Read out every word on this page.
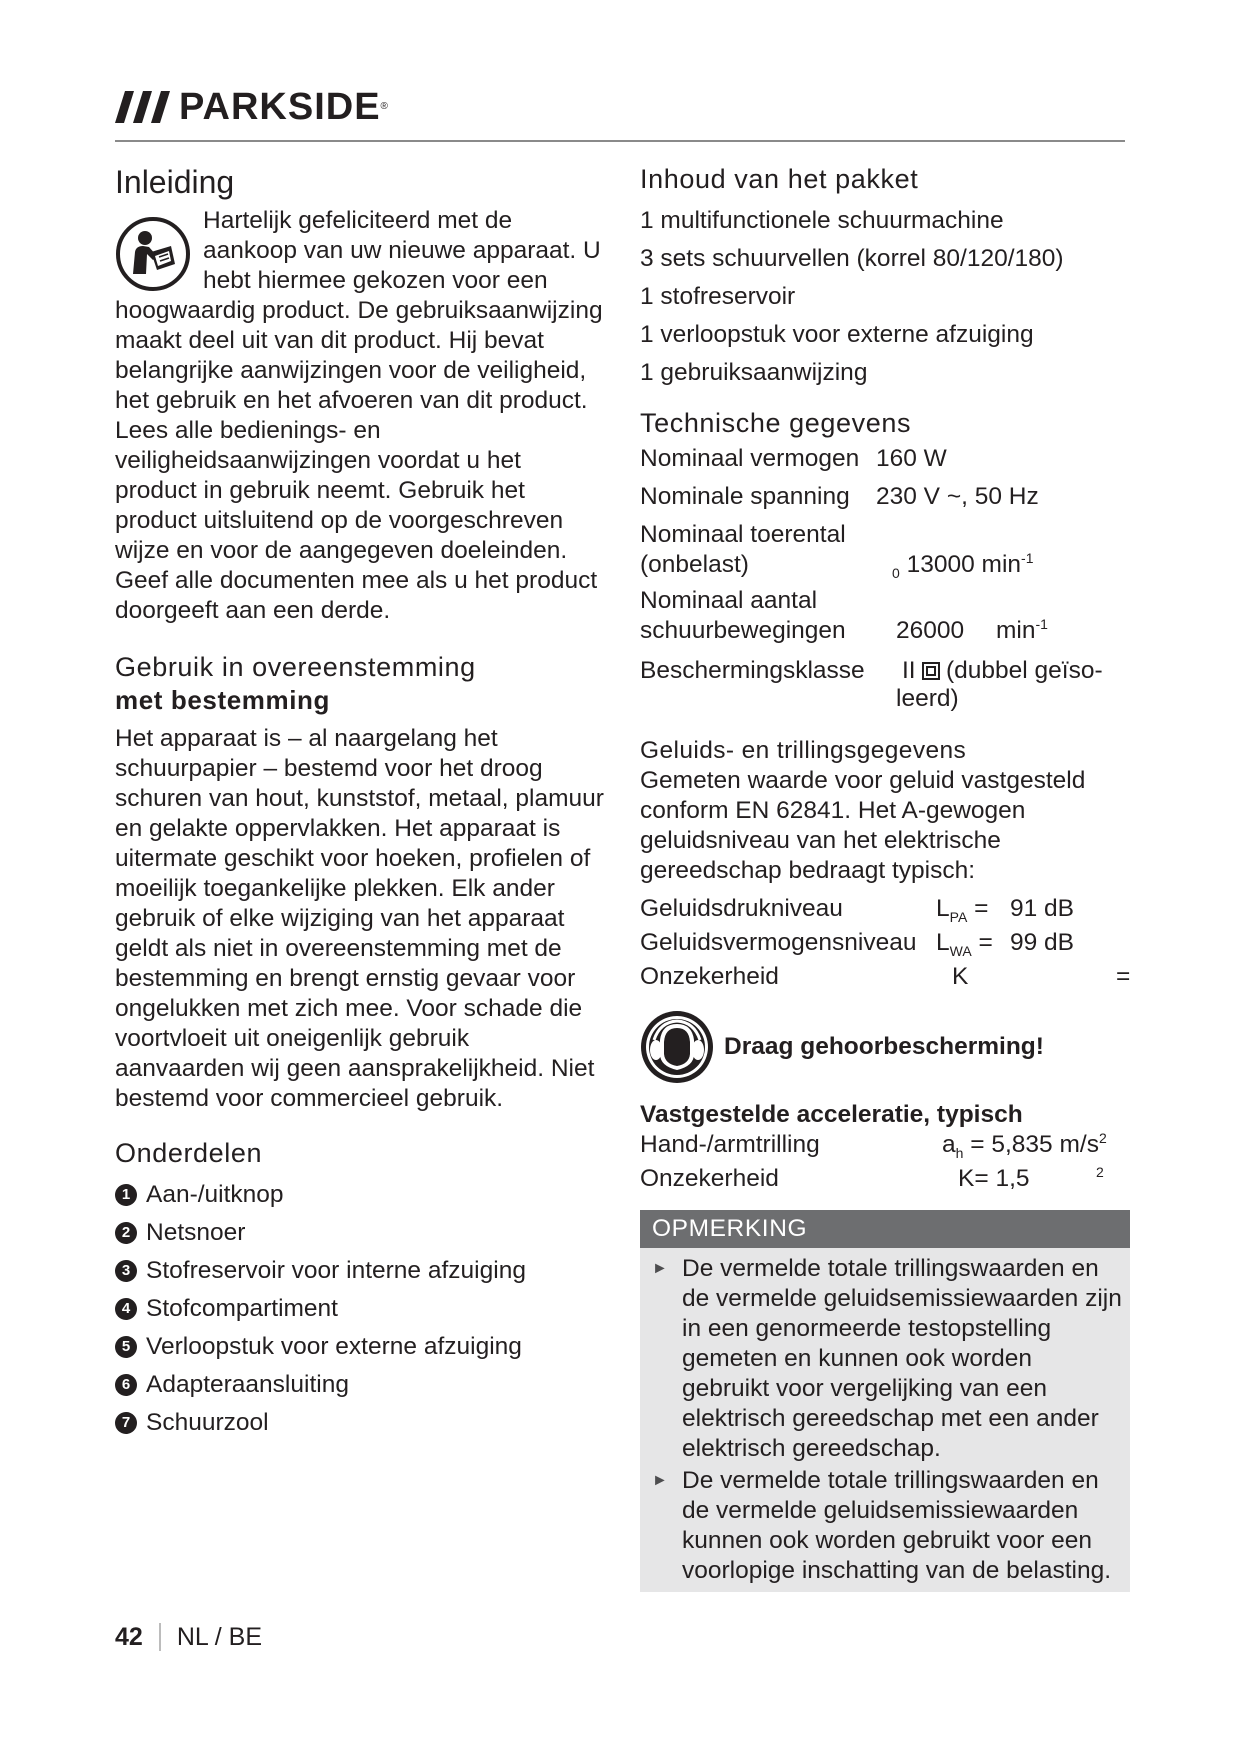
PARKSIDE ®
Inleiding
Hartelijk gefeliciteerd met de aankoop van uw nieuwe apparaat. U hebt hiermee gekozen voor een hoogwaardig product. De gebruiksaanwijzing maakt deel uit van dit product. Hij bevat belangrijke aanwijzingen voor de veiligheid, het gebruik en het afvoeren van dit product. Lees alle bedienings- en veiligheidsaanwijzingen voordat u het product in gebruik neemt. Gebruik het product uitsluitend op de voorgeschreven wijze en voor de aangegeven doeleinden. Geef alle documenten mee als u het product doorgeeft aan een derde.
Gebruik in overeenstemming
met bestemming
Het apparaat is – al naargelang het schuurpapier – bestemd voor het droog schuren van hout, kunststof, metaal, plamuur en gelakte oppervlakken. Het apparaat is uitermate geschikt voor hoeken, profielen of moeilijk toegankelijke plekken. Elk ander gebruik of elke wijziging van het apparaat geldt als niet in overeenstemming met de bestemming en brengt ernstig gevaar voor ongelukken met zich mee. Voor schade die voortvloeit uit oneigenlijk gebruik aanvaarden wij geen aansprakelijkheid. Niet bestemd voor commercieel gebruik.
Onderdelen
1 Aan-/uitknop
2 Netsnoer
3 Stofreservoir voor interne afzuiging
4 Stofcompartiment
5 Verloopstuk voor externe afzuiging
6 Adapteraansluiting
7 Schuurzool
Inhoud van het pakket
1 multifunctionele schuurmachine
3 sets schuurvellen (korrel 80/120/180)
1 stofreservoir
1 verloopstuk voor externe afzuiging
1 gebruiksaanwijzing
Technische gegevens
Nominaal vermogen 160 W
Nominale spanning 230 V ~, 50 Hz
Nominaal toerental
(onbelast)	$_0$ 13000 $\min^{-1}$
Nominaal aantal
schuurbewegingen	26000 $\min^{-1}$
Beschermingsklasse II	(dubbel geïso-
leerd)
Geluids- en trillingsgegevens
Gemeten waarde voor geluid vastgesteld conform EN 62841. Het A-gewogen geluidsniveau van het elektrische gereedschap bedraagt typisch:
Geluidsdrukniveau	$L_{PA} = 91$ dB
Geluidsvermogensniveau $L_{WA} = 99$ dB
Onzekerheid	K	=
Draag gehoorbescherming!
Vastgestelde acceleratie, typisch
Hand-/armtrilling	$a_h = 5,835$ $m/s^2$
Onzekerheid	K= 1,5	2
OPMERKING
► De vermelde totale trillingswaarden en de vermelde geluidsemissiewaarden zijn in een genormeerde testopstelling gemeten en kunnen ook worden gebruikt voor vergelijking van een elektrisch gereedschap met een ander elektrisch gereedschap.
► De vermelde totale trillingswaarden en de vermelde geluidsemissiewaarden kunnen ook worden gebruikt voor een voorlopige inschatting van de belasting.
42 NL / BE
